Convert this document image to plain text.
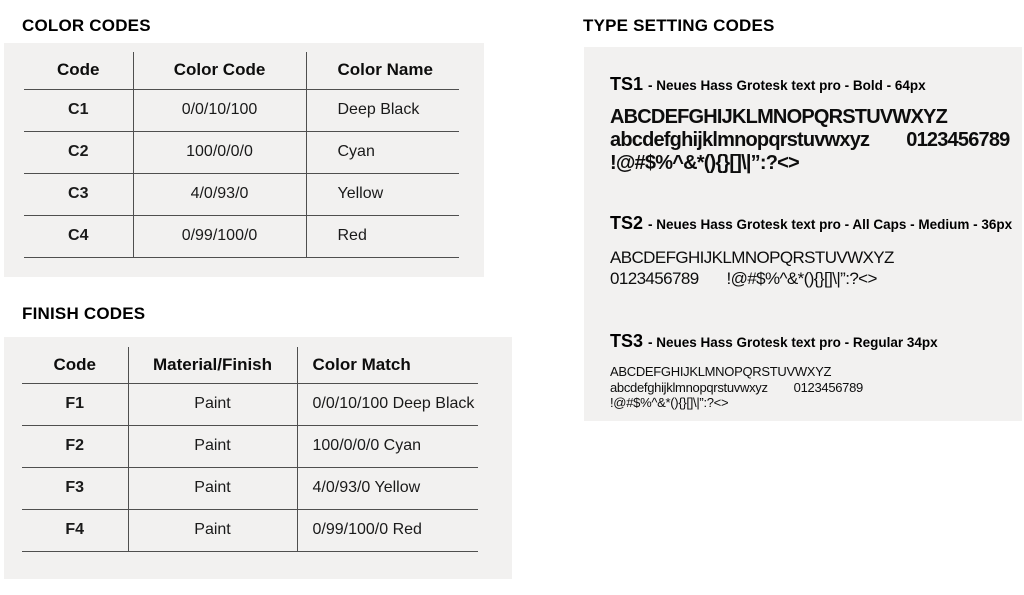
COLOR CODES
Code	Color Code	Color Name
C1	0/0/10/100	Deep Black
C2	100/0/0/0	Cyan
C3	4/0/93/0	Yellow
C4	0/99/100/0	Red
FINISH CODES
Code	Material/Finish	Color Match
F1	Paint	0/0/10/100 Deep Black
F2	Paint	100/0/0/0 Cyan
F3	Paint	4/0/93/0 Yellow
F4	Paint	0/99/100/0 Red
TYPE SETTING CODES
TS1 - Neues Hass Grotesk text pro - Bold - 64px
ABCDEFGHIJKLMNOPQRSTUVWXYZ
abcdefghijklmnopqrstuvwxyz 0123456789
!@#$%^&*(){}[]\|”:?<>
TS2 - Neues Hass Grotesk text pro - All Caps - Medium - 36px
ABCDEFGHIJKLMNOPQRSTUVWXYZ
0123456789 !@#$%^&*(){}[]\|”:?<>
TS3 - Neues Hass Grotesk text pro - Regular 34px
ABCDEFGHIJKLMNOPQRSTUVWXYZ
abcdefghijklmnopqrstuvwxyz 0123456789
!@#$%^&*(){}[]\|”:?<>
